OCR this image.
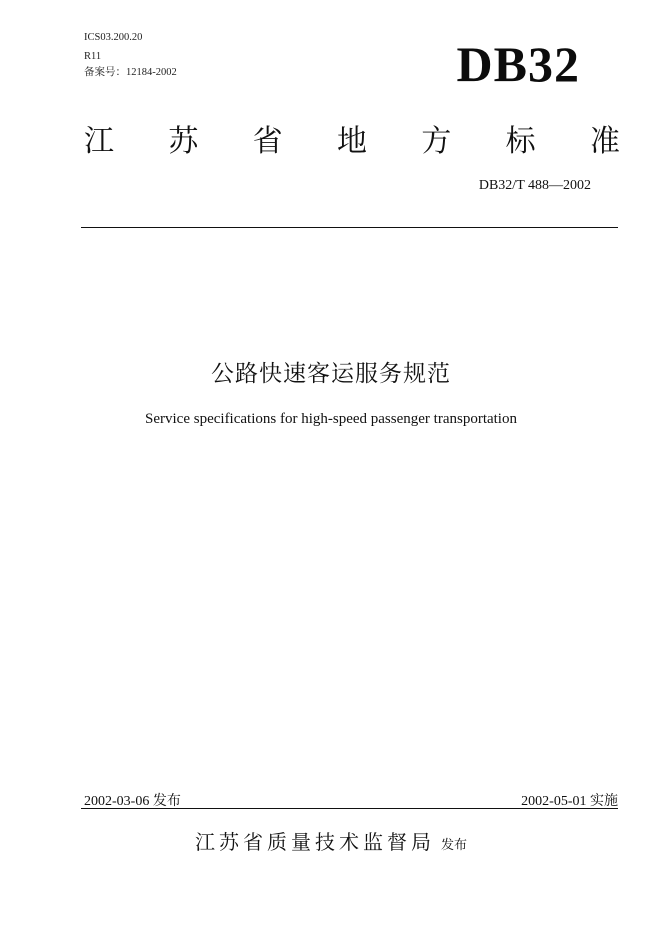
ICS03.200.20
R11
备案号：12184-2002	DB32
江 苏 省 地 方 标 准
DB32/T 488—2002
公路快速客运服务规范
Service specifications for high-speed passenger transportation
2002-03-06 发布	2002-05-01 实施
江苏省质量技术监督局 发布
